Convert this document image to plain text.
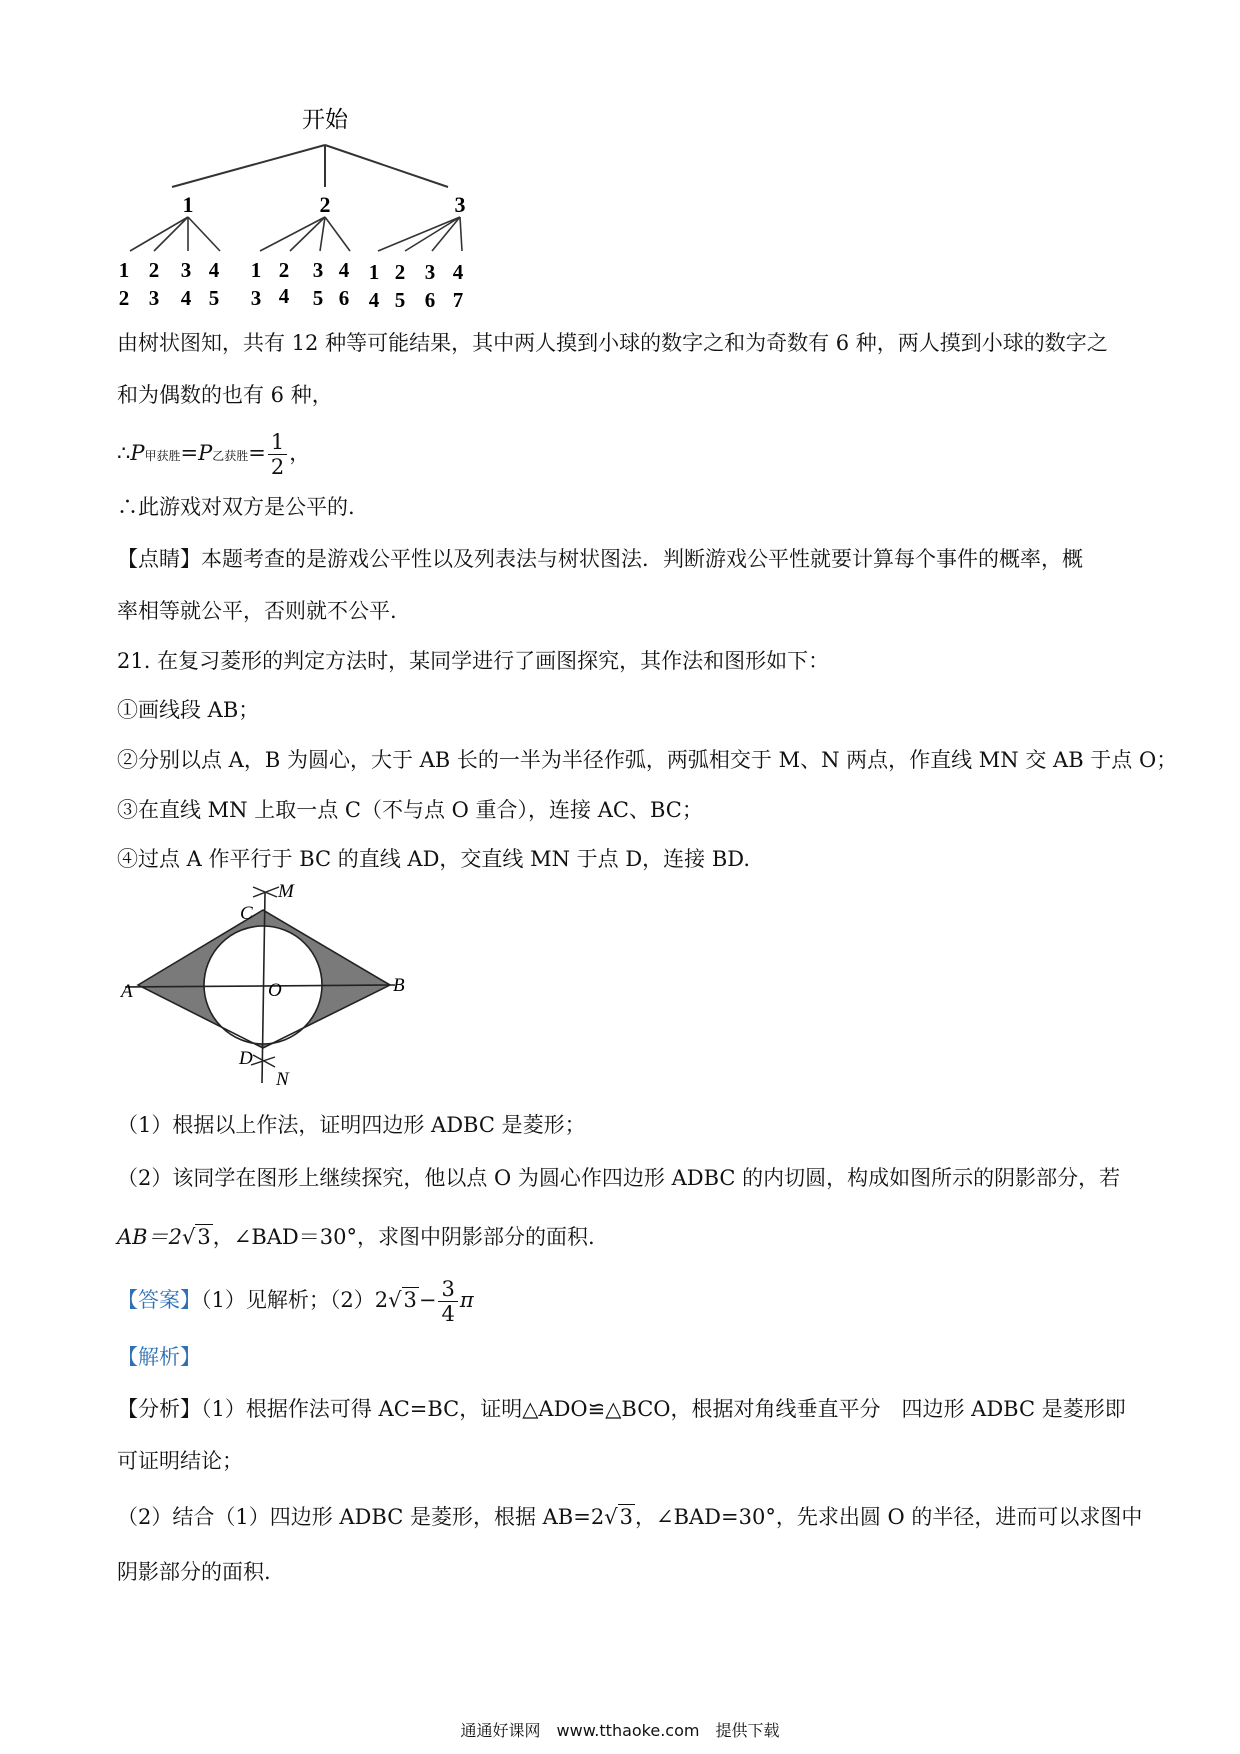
开始
1	2	3
1
2
2
3
3
4
4
5
1
3
2
4
3
5
4
6
1
4
2
5
3
6
4
7
由树状图知，共有 12 种等可能结果，其中两人摸到小球的数字之和为奇数有 6 种，两人摸到小球的数字之
和为偶数的也有 6 种，
∴P甲获胜=P乙获胜= $\frac{1}{2}$ ，
∴此游戏对双方是公平的.
【点睛】本题考查的是游戏公平性以及列表法与树状图法．判断游戏公平性就要计算每个事件的概率，概
率相等就公平，否则就不公平.
21. 在复习菱形的判定方法时，某同学进行了画图探究，其作法和图形如下：
①画线段 AB；
②分别以点 A，B 为圆心，大于 AB 长的一半为半径作弧，两弧相交于 M、N 两点，作直线 MN 交 AB 于点 O；
③在直线 MN 上取一点 C（不与点 O 重合），连接 AC、BC；
④过点 A 作平行于 BC 的直线 AD，交直线 MN 于点 D，连接 BD.
M
C
A	O	B
D
N
（1）根据以上作法，证明四边形 ADBC 是菱形；
（2）该同学在图形上继续探究，他以点 O 为圆心作四边形 ADBC 的内切圆，构成如图所示的阴影部分，若
AB＝2√3，∠BAD＝30°，求图中阴影部分的面积.
【答案】（1）见解析；$(2)2√3- \frac{3}{4}$ π
【解析】
【分析】（1）根据作法可得 AC=BC，证明△ADO≌△BCO，根据对角线垂直平分　四边形 ADBC 是菱形即
可证明结论；
（2）结合（1）四边形 ADBC 是菱形，根据 AB=2√3，∠BAD=30°，先求出圆 O 的半径，进而可以求图中
阴影部分的面积.
通通好课网　www.tthaoke.com　提供下载
